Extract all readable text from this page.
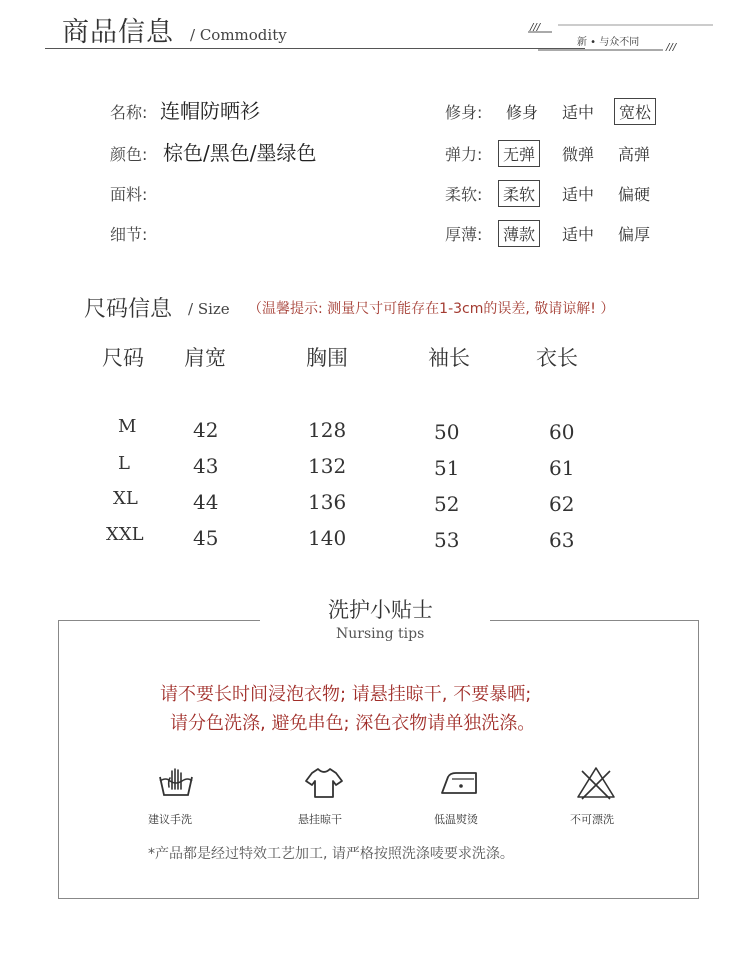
商品信息 / Commodity	///
///
新 • 与众不同
名称: 连帽防晒衫
颜色: 棕色/黑色/墨绿色
面料:
细节:
修身: 修身 适中 宽松
弹力: 无弹 微弹 高弹
柔软: 柔软 适中 偏硬
厚薄: 薄款 适中 偏厚
尺码信息 / Size （温馨提示: 测量尺寸可能存在1-3cm的误差, 敬请谅解! ）
尺码 肩宽	胸围	袖长	衣长
M	42	128	50	60
L	43	132	51	61
XL	44	136	52	62
XXL 45	140	53	63
洗护小贴士
Nursing tips
请不要长时间浸泡衣物; 请悬挂晾干, 不要暴晒;
请分色洗涤, 避免串色; 深色衣物请单独洗涤。
建议手洗	悬挂晾干	低温熨烫	不可漂洗
*产品都是经过特效工艺加工, 请严格按照洗涤唛要求洗涤。
